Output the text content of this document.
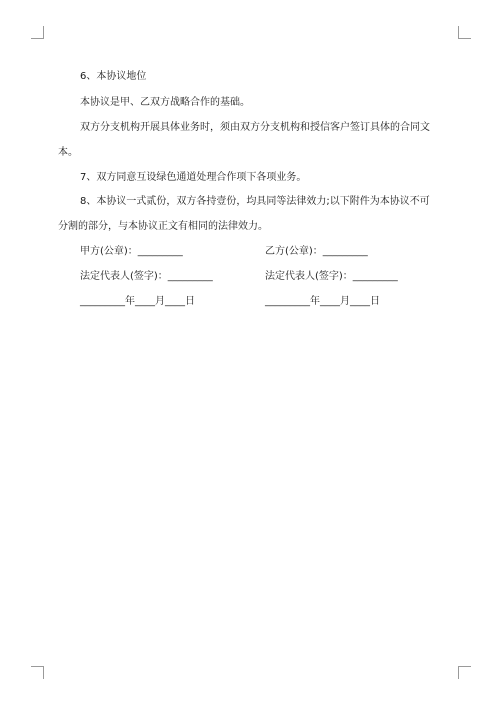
6、本协议地位
本协议是甲、乙双方战略合作的基础。
双方分支机构开展具体业务时，须由双方分支机构和授信客户签订具体的合同文
本。
7、双方同意互设绿色通道处理合作项下各项业务。
8、本协议一式贰份，双方各持壹份，均具同等法律效力;以下附件为本协议不可
分割的部分，与本协议正文有相同的法律效力。
甲方(公章)：_________	乙方(公章)：_________
法定代表人(签字)：_________	法定代表人(签字)：_________
_________年____月____日	_________年____月____日
